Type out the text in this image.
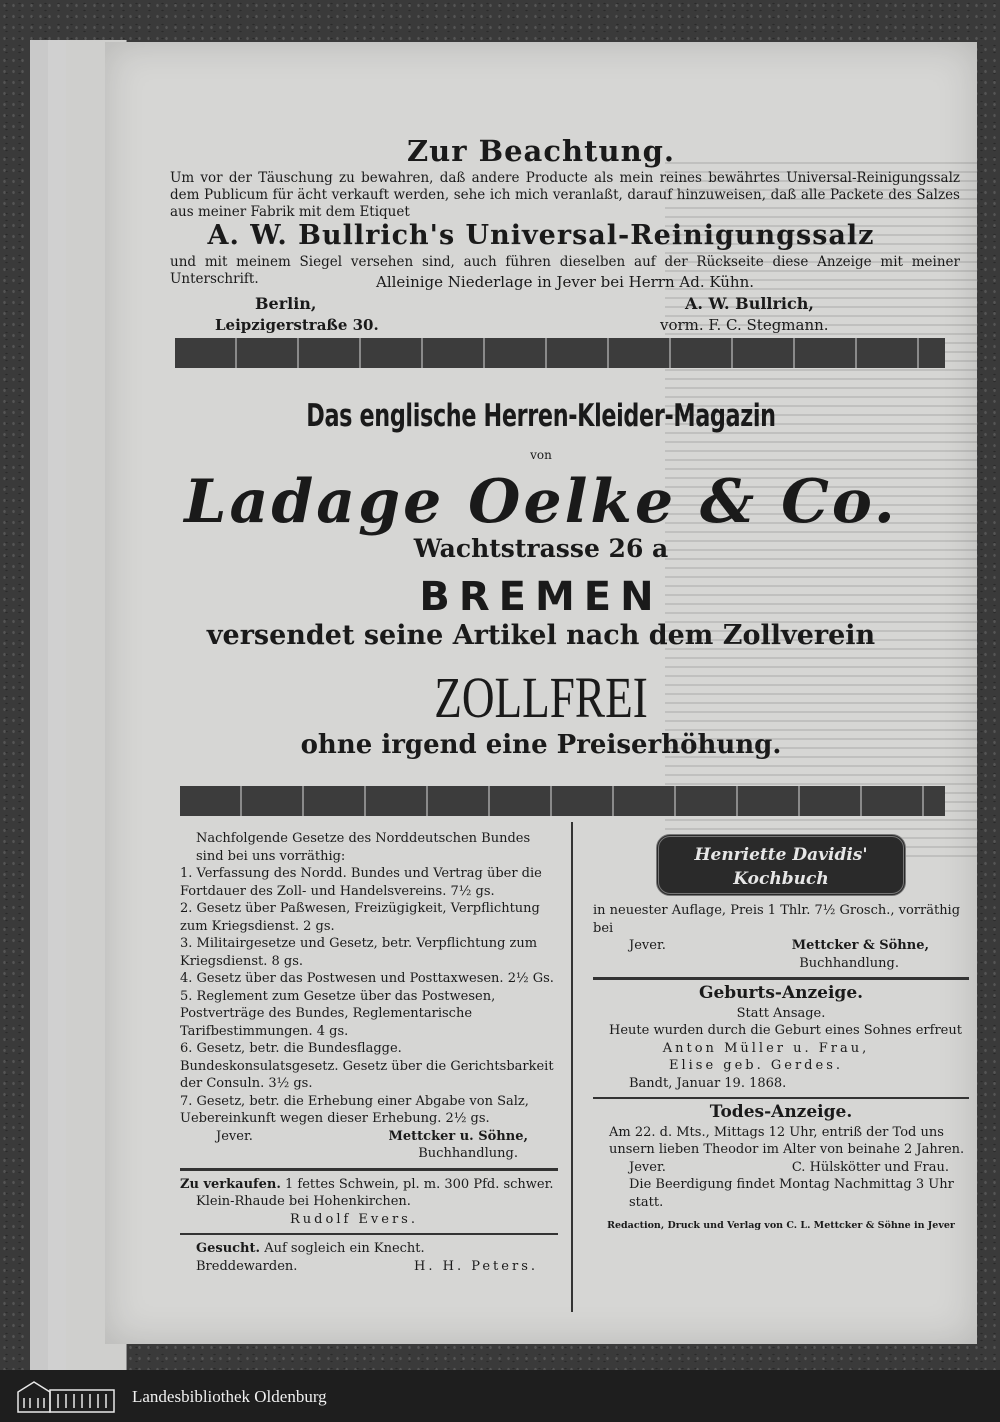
Zur Beachtung.
Um vor der Täuschung zu bewahren, daß andere Producte als mein reines bewährtes Universal-Reinigungssalz dem Publicum für ächt verkauft werden, sehe ich mich veranlaßt, darauf hinzuweisen, daß alle Packete des Salzes aus meiner Fabrik mit dem Etiquet
A. W. Bullrich's Universal-Reinigungssalz
und mit meinem Siegel versehen sind, auch führen dieselben auf der Rückseite diese Anzeige mit meiner Unterschrift.	Alleinige Niederlage in Jever bei Herrn Ad. Kühn.
Berlin,	A. W. Bullrich,
Leipzigerstraße 30.	vorm. F. C. Stegmann.
Das englische Herren-Kleider-Magazin
von
Ladage Oelke & Co.
Wachtstrasse 26 a
BREMEN
versendet seine Artikel nach dem Zollverein
ZOLLFREI
ohne irgend eine Preiserhöhung.
Nachfolgende Gesetze des Norddeutschen Bundes sind bei uns vorräthig:
1. Verfassung des Nordd. Bundes und Vertrag über die Fortdauer des Zoll- und Handelsvereins. 7½ gs.
2. Gesetz über Paßwesen, Freizügigkeit, Verpflichtung zum Kriegsdienst. 2 gs.
3. Militairgesetze und Gesetz, betr. Verpflichtung zum Kriegsdienst. 8 gs.
4. Gesetz über das Postwesen und Posttaxwesen. 2½ Gs.
5. Reglement zum Gesetze über das Postwesen, Postverträge des Bundes, Reglementarische Tarifbestimmungen. 4 gs.
6. Gesetz, betr. die Bundesflagge. Bundeskonsulatsgesetz. Gesetz über die Gerichtsbarkeit der Consuln. 3½ gs.
7. Gesetz, betr. die Erhebung einer Abgabe von Salz, Uebereinkunft wegen dieser Erhebung. 2½ gs.
Jever.	Mettcker u. Söhne,
Buchhandlung.
Zu verkaufen. 1 fettes Schwein, pl. m. 300 Pfd. schwer.
Klein-Rhaude bei Hohenkirchen.
Rudolf Evers.
Gesucht. Auf sogleich ein Knecht.
Breddewarden.	H. H. Peters.
Henriette Davidis'
Kochbuch
in neuester Auflage, Preis 1 Thlr. 7½ Grosch., vorräthig bei
Jever.	Mettcker & Söhne,
Buchhandlung.
Geburts-Anzeige.
Statt Ansage.
Heute wurden durch die Geburt eines Sohnes erfreut
Anton Müller u. Frau,
Elise geb. Gerdes.
Bandt, Januar 19. 1868.
Todes-Anzeige.
Am 22. d. Mts., Mittags 12 Uhr, entriß der Tod uns unsern lieben Theodor im Alter von beinahe 2 Jahren.
Jever.	C. Hülskötter und Frau.
Die Beerdigung findet Montag Nachmittag 3 Uhr statt.
Redaction, Druck und Verlag von C. L. Mettcker & Söhne in Jever
Landesbibliothek Oldenburg
